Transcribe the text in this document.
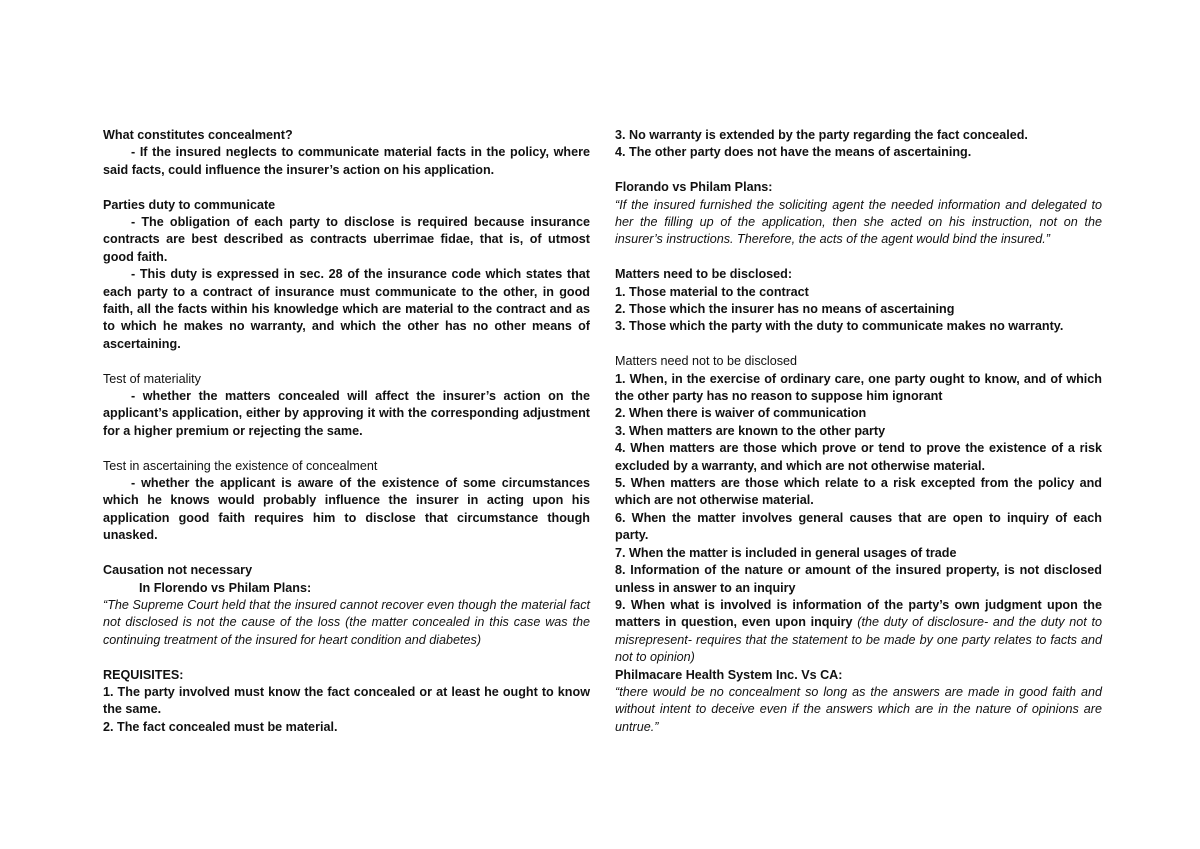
What constitutes concealment?

- If the insured neglects to communicate material facts in the policy, where said facts, could influence the insurer’s action on his application.

Parties duty to communicate

- The obligation of each party to disclose is required because insurance contracts are best described as contracts uberrimae fidae, that is, of utmost good faith.

- This duty is expressed in sec. 28 of the insurance code which states that each party to a contract of insurance must communicate to the other, in good faith, all the facts within his knowledge which are material to the contract and as to which he makes no warranty, and which the other has no other means of ascertaining.

Test of materiality

- whether the matters concealed will affect the insurer’s action on the applicant’s application, either by approving it with the corresponding adjustment for a higher premium or rejecting the same.

Test in ascertaining the existence of concealment

- whether the applicant is aware of the existence of some circumstances which he knows would probably influence the insurer in acting upon his application good faith requires him to disclose that circumstance though unasked.

Causation not necessary

In Florendo vs Philam Plans:

“The Supreme Court held that the insured cannot recover even though the material fact not disclosed is not the cause of the loss (the matter concealed in this case was the continuing treatment of the insured for heart condition and diabetes)

REQUISITES:

1. The party involved must know the fact concealed or at least he ought to know the same.

2. The fact concealed must be material.

3. No warranty is extended by the party regarding the fact concealed.

4. The other party does not have the means of ascertaining.

Florando vs Philam Plans:

“If the insured furnished the soliciting agent the needed information and delegated to her the filling up of the application, then she acted on his instruction, not on the insurer’s instructions. Therefore, the acts of the agent would bind the insured.”

Matters need to be disclosed:

1. Those material to the contract

2. Those which the insurer has no means of ascertaining

3. Those which the party with the duty to communicate makes no warranty.

Matters need not to be disclosed

1. When, in the exercise of ordinary care, one party ought to know, and of which the other party has no reason to suppose him ignorant

2. When there is waiver of communication

3. When matters are known to the other party

4. When matters are those which prove or tend to prove the existence of a risk excluded by a warranty, and which are not otherwise material.

5. When matters are those which relate to a risk excepted from the policy and which are not otherwise material.

6. When the matter involves general causes that are open to inquiry of each party.

7. When the matter is included in general usages of trade

8. Information of the nature or amount of the insured property, is not disclosed unless in answer to an inquiry

9. When what is involved is information of the party’s own judgment upon the matters in question, even upon inquiry (the duty of disclosure- and the duty not to misrepresent- requires that the statement to be made by one party relates to facts and not to opinion)

Philmacare Health System Inc. Vs CA:

“there would be no concealment so long as the answers are made in good faith and without intent to deceive even if the answers which are in the nature of opinions are untrue.”
